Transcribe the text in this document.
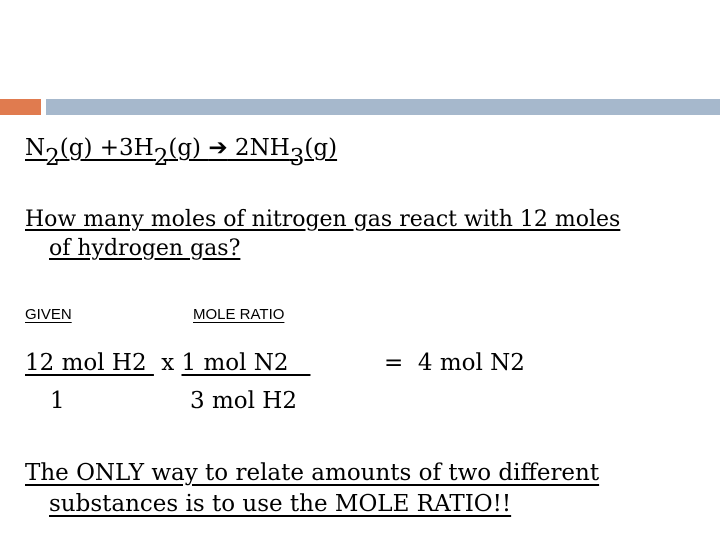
$N_2(g) +3H_2(g)$ ➔ $2NH_3(g)$
How many moles of nitrogen gas react with 12 moles
of hydrogen gas?
GIVEN	MOLE RATIO
12 mol H2  x 1 mol N2	=  4 mol N2
1	3 mol H2
The ONLY way to relate amounts of two different
substances is to use the MOLE RATIO!!
